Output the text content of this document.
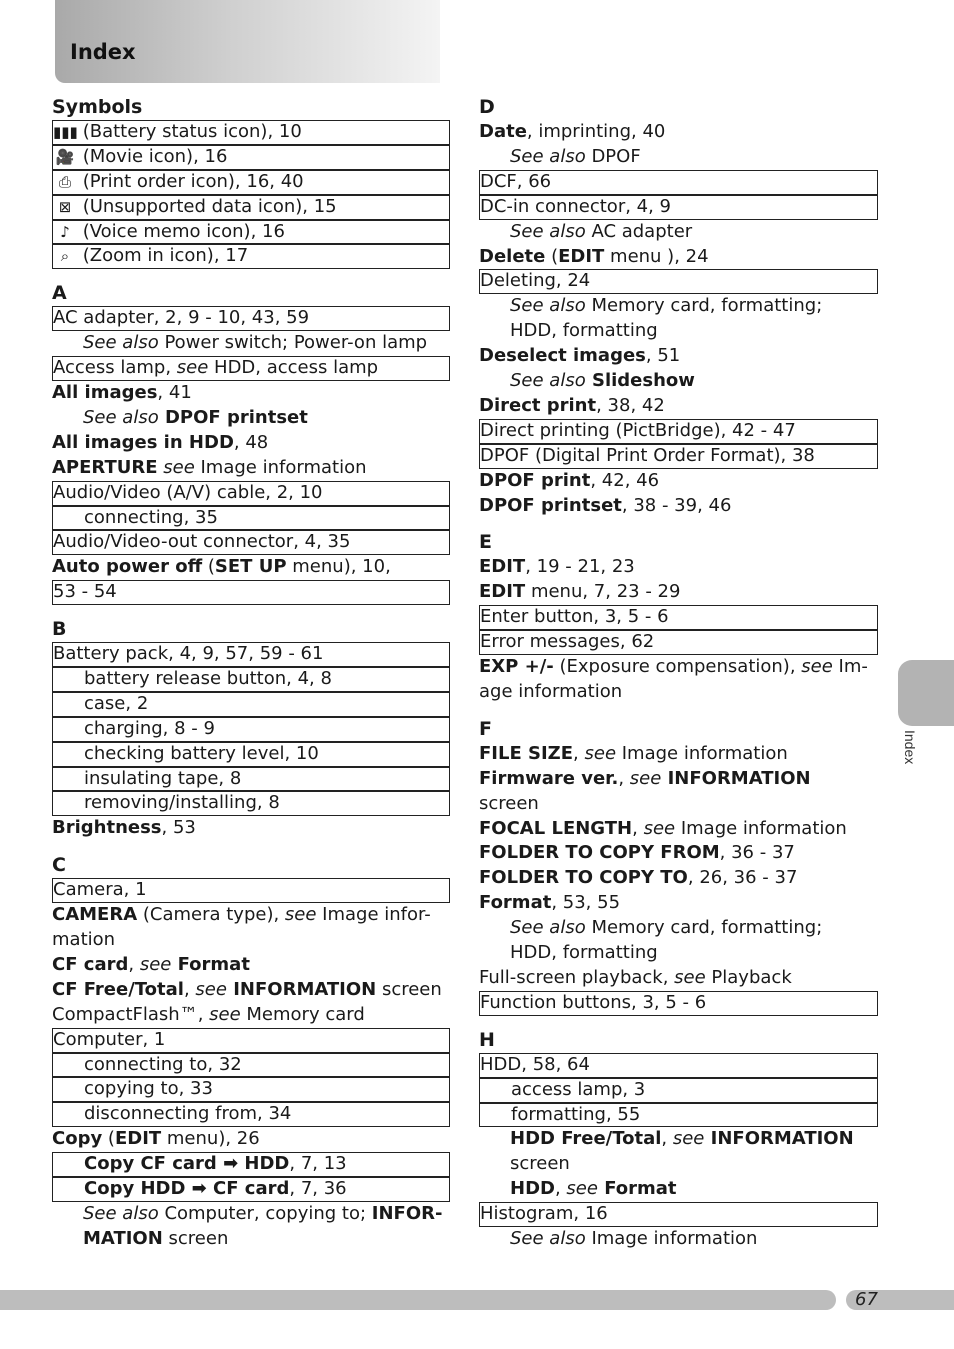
Index
Index
Symbols
▮▮▮ (Battery status icon), 10
🎥 (Movie icon), 16
⎙ (Print order icon), 16, 40
⊠ (Unsupported data icon), 15
♪ (Voice memo icon), 16
⌕ (Zoom in icon), 17
A
AC adapter, 2, 9 - 10, 43, 59
See also Power switch; Power-on lamp
Access lamp, see HDD, access lamp
All images, 41
See also DPOF printset
All images in HDD, 48
APERTURE see Image information
Audio/Video (A/V) cable, 2, 10
connecting, 35
Audio/Video-out connector, 4, 35
Auto power off (SET UP menu), 10,
53 - 54
B
Battery pack, 4, 9, 57, 59 - 61
battery release button, 4, 8
case, 2
charging, 8 - 9
checking battery level, 10
insulating tape, 8
removing/installing, 8
Brightness, 53
C
Camera, 1
CAMERA (Camera type), see Image infor-
mation
CF card, see Format
CF Free/Total, see INFORMATION screen
CompactFlash™, see Memory card
Computer, 1
connecting to, 32
copying to, 33
disconnecting from, 34
Copy (EDIT menu), 26
Copy CF card ➡ HDD, 7, 13
Copy HDD ➡ CF card, 7, 36
See also Computer, copying to; INFOR-
MATION screen
D
Date, imprinting, 40
See also DPOF
DCF, 66
DC-in connector, 4, 9
See also AC adapter
Delete (EDIT menu ), 24
Deleting, 24
See also Memory card, formatting;
HDD, formatting
Deselect images, 51
See also Slideshow
Direct print, 38, 42
Direct printing (PictBridge), 42 - 47
DPOF (Digital Print Order Format), 38
DPOF print, 42, 46
DPOF printset, 38 - 39, 46
E
EDIT, 19 - 21, 23
EDIT menu, 7, 23 - 29
Enter button, 3, 5 - 6
Error messages, 62
EXP +/- (Exposure compensation), see Im-
age information
F
FILE SIZE, see Image information
Firmware ver., see INFORMATION
screen
FOCAL LENGTH, see Image information
FOLDER TO COPY FROM, 36 - 37
FOLDER TO COPY TO, 26, 36 - 37
Format, 53, 55
See also Memory card, formatting;
HDD, formatting
Full-screen playback, see Playback
Function buttons, 3, 5 - 6
H
HDD, 58, 64
access lamp, 3
formatting, 55
HDD Free/Total, see INFORMATION
screen
HDD, see Format
Histogram, 16
See also Image information
67
